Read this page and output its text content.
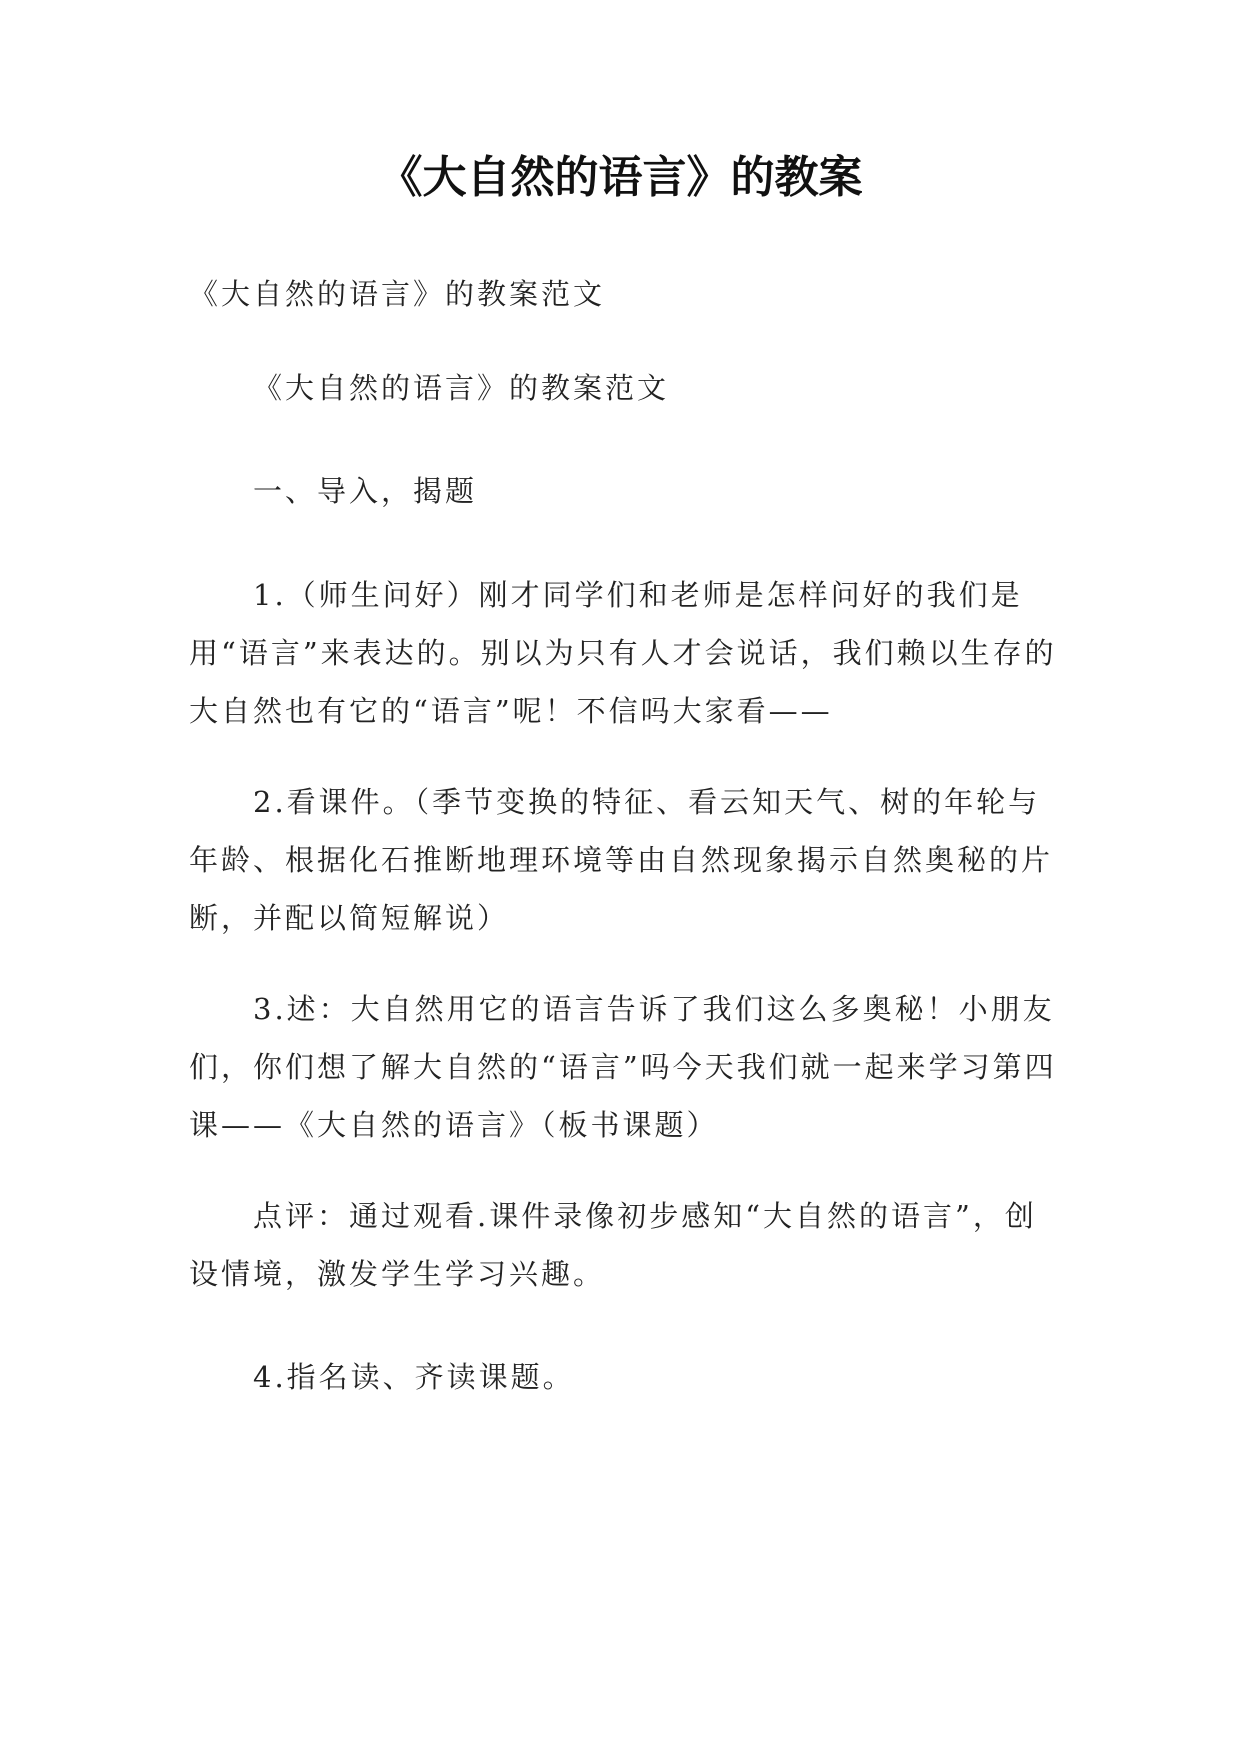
《大自然的语言》的教案

《大自然的语言》的教案范文

《大自然的语言》的教案范文

一、导入，揭题

1.（师生问好）刚才同学们和老师是怎样问好的我们是用“语言”来表达的。别以为只有人才会说话，我们赖以生存的大自然也有它的“语言”呢！不信吗大家看——

2.看课件。（季节变换的特征、看云知天气、树的年轮与年龄、根据化石推断地理环境等由自然现象揭示自然奥秘的片断，并配以简短解说）

3.述：大自然用它的语言告诉了我们这么多奥秘！小朋友们，你们想了解大自然的“语言”吗今天我们就一起来学习第四课——《大自然的语言》（板书课题）

点评：通过观看.课件录像初步感知“大自然的语言”，创设情境，激发学生学习兴趣。

4.指名读、齐读课题。
